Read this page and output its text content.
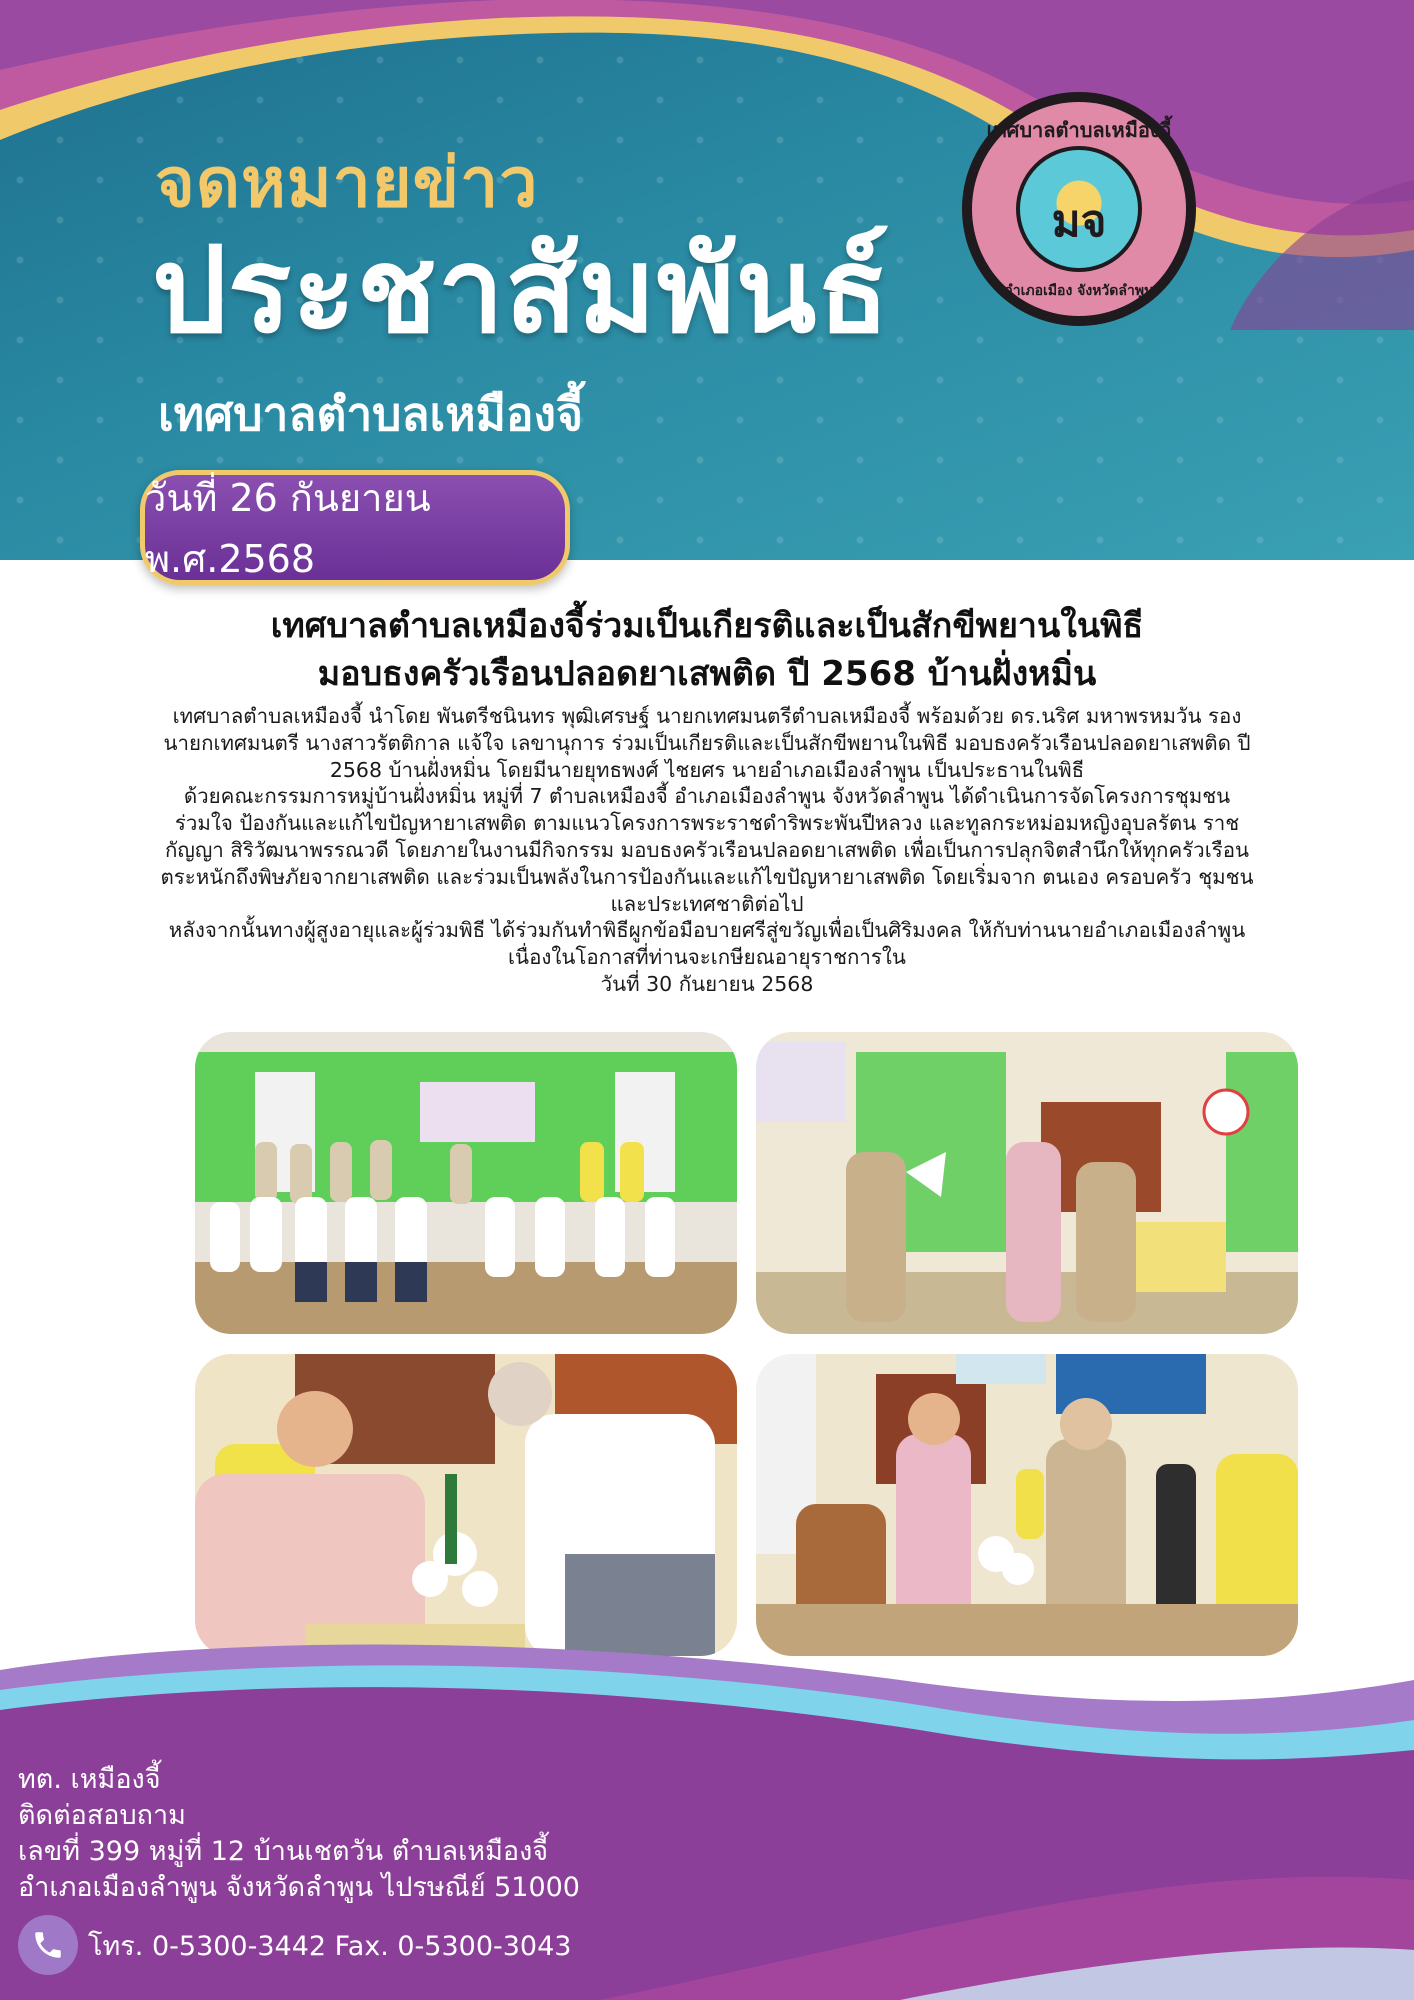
จดหมายข่าว
ประชาสัมพันธ์
เทศบาลตำบลเหมืองจี้
วันที่ 26 กันยายน พ.ศ.2568
เทศบาลตำบลเหมืองจี้
มจ
อำเภอเมือง จังหวัดลำพูน
เทศบาลตำบลเหมืองจี้ร่วมเป็นเกียรติและเป็นสักขีพยานในพิธี
มอบธงครัวเรือนปลอดยาเสพติด ปี 2568 บ้านฝั่งหมิ่น

เทศบาลตำบลเหมืองจี้ นำโดย พันตรีชนินทร พุฒิเศรษฐ์ นายกเทศมนตรีตำบลเหมืองจี้ พร้อมด้วย ดร.นริศ มหาพรหมวัน รองนายกเทศมนตรี นางสาวรัตติกาล แจ้ใจ เลขานุการ ร่วมเป็นเกียรติและเป็นสักขีพยานในพิธี มอบธงครัวเรือนปลอดยาเสพติด ปี 2568 บ้านฝั่งหมิ่น โดยมีนายยุทธพงศ์ ไชยศร นายอำเภอเมืองลำพูน เป็นประธานในพิธี

ด้วยคณะกรรมการหมู่บ้านฝั่งหมิ่น หมู่ที่ 7 ตำบลเหมืองจี้ อำเภอเมืองลำพูน จังหวัดลำพูน ได้ดำเนินการจัดโครงการชุมชนร่วมใจ ป้องกันและแก้ไขปัญหายาเสพติด ตามแนวโครงการพระราชดำริพระพันปีหลวง และทูลกระหม่อมหญิงอุบลรัตน ราชกัญญา สิริวัฒนาพรรณวดี โดยภายในงานมีกิจกรรม มอบธงครัวเรือนปลอดยาเสพติด เพื่อเป็นการปลุกจิตสำนึกให้ทุกครัวเรือนตระหนักถึงพิษภัยจากยาเสพติด และร่วมเป็นพลังในการป้องกันและแก้ไขปัญหายาเสพติด โดยเริ่มจาก ตนเอง ครอบครัว ชุมชนและประเทศชาติต่อไป

หลังจากนั้นทางผู้สูงอายุและผู้ร่วมพิธี ได้ร่วมกันทำพิธีผูกข้อมือบายศรีสู่ขวัญเพื่อเป็นศิริมงคล ให้กับท่านนายอำเภอเมืองลำพูน เนื่องในโอกาสที่ท่านจะเกษียณอายุราชการใน

วันที่ 30 กันยายน 2568

ทต. เหมืองจี้
ติดต่อสอบถาม
เลขที่ 399 หมู่ที่ 12 บ้านเชตวัน ตำบลเหมืองจี้
อำเภอเมืองลำพูน จังหวัดลำพูน ไปรษณีย์ 51000
โทร. 0-5300-3442 Fax. 0-5300-3043
